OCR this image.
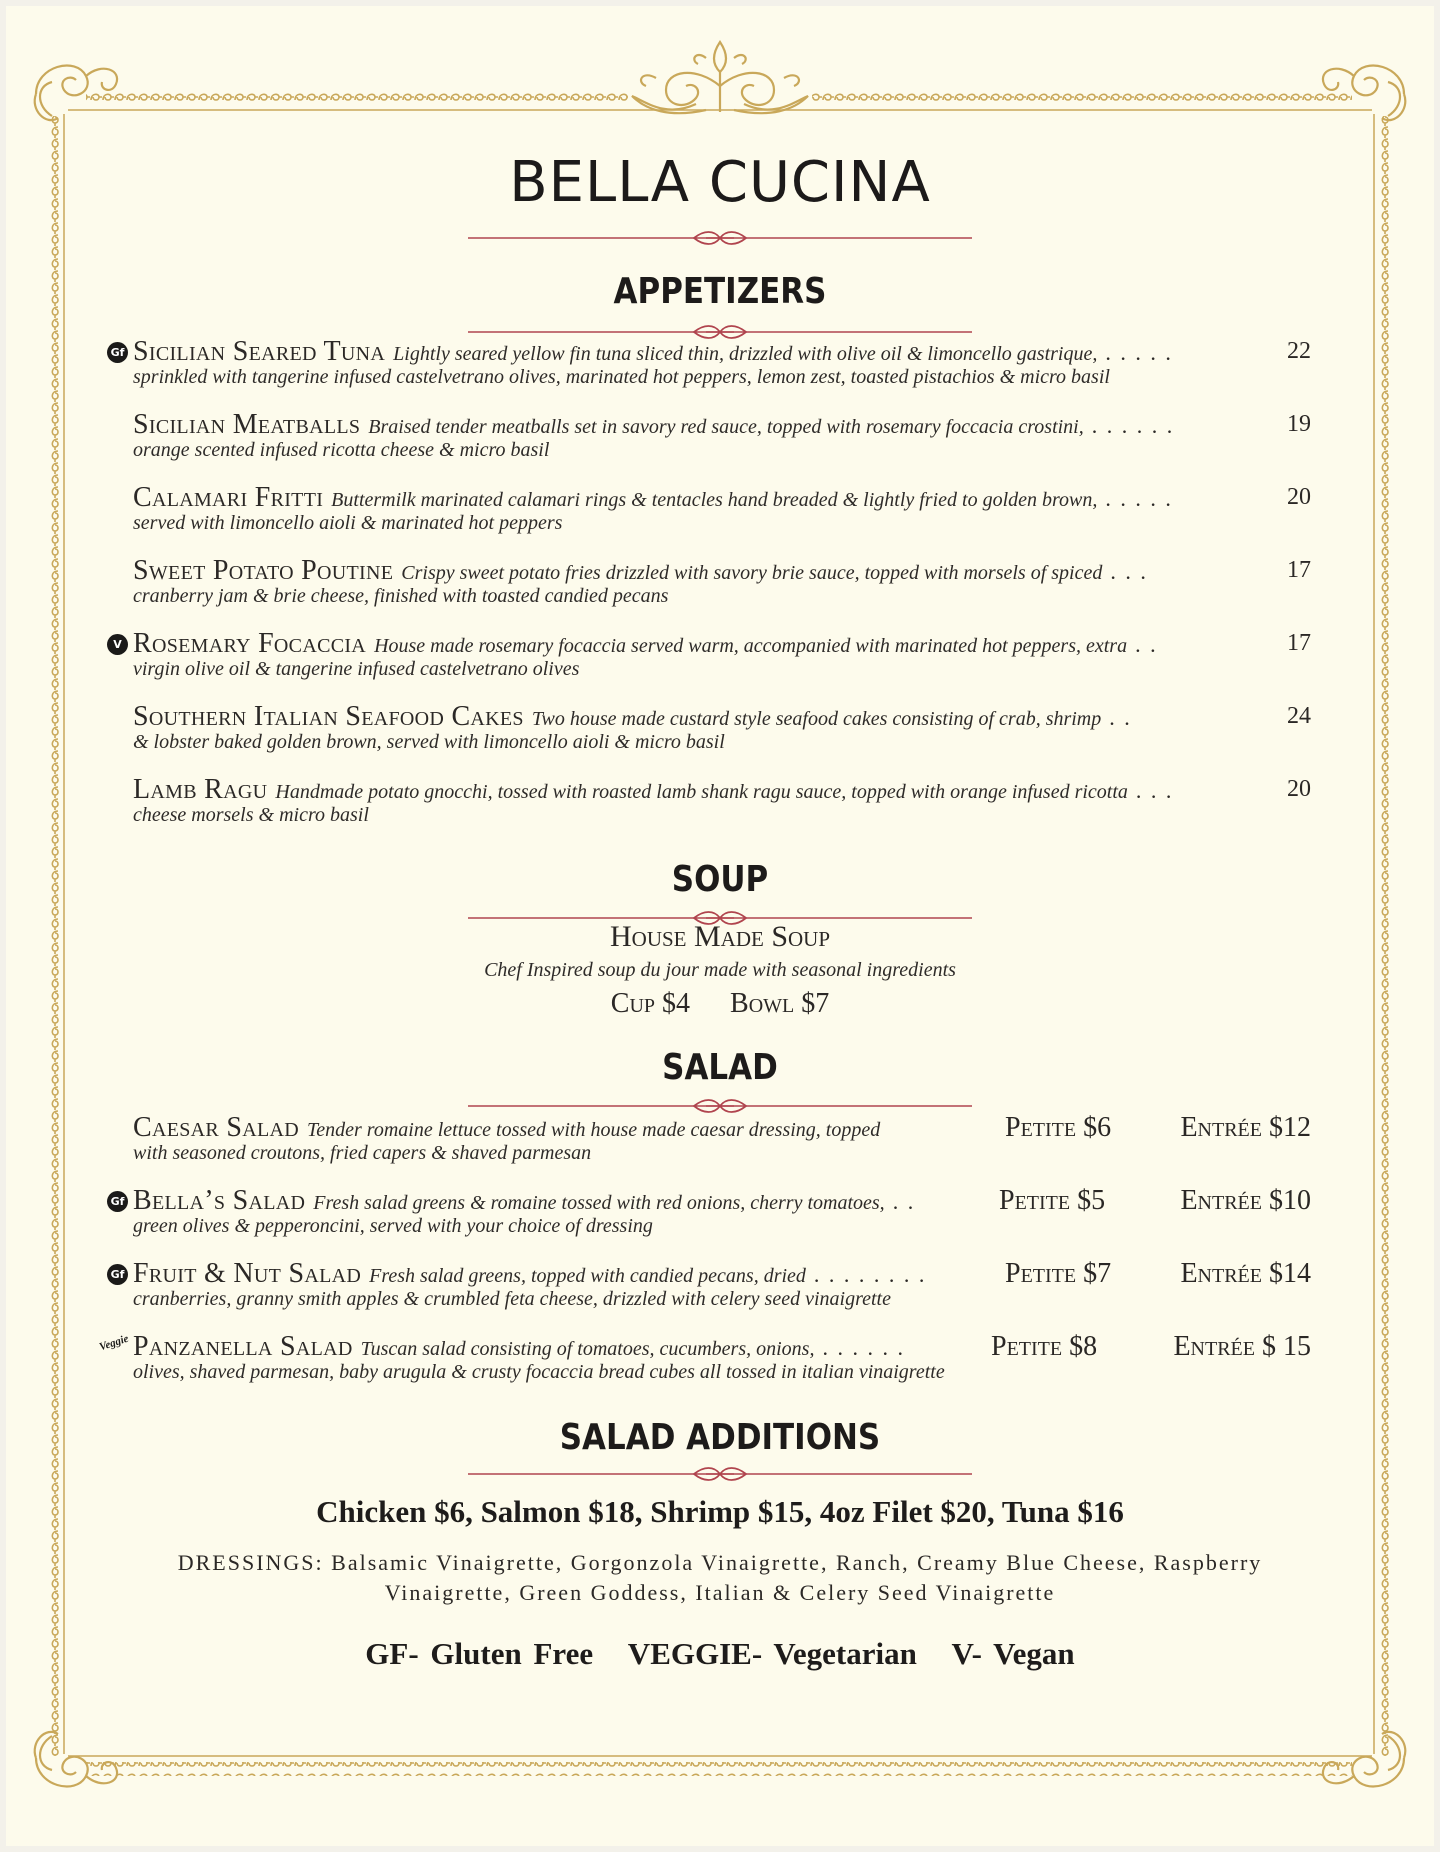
BELLA CUCINA
APPETIZERS
Gf Sicilian Seared Tuna Lightly seared yellow fin tuna sliced thin, drizzled with olive oil & limoncello gastrique, . . . . .	22
sprinkled with tangerine infused castelvetrano olives, marinated hot peppers, lemon zest, toasted pistachios & micro basil
Sicilian Meatballs Braised tender meatballs set in savory red sauce, topped with rosemary foccacia crostini, . . . . . .	19
orange scented infused ricotta cheese & micro basil
Calamari Fritti Buttermilk marinated calamari rings & tentacles hand breaded & lightly fried to golden brown, . . . . .	20
served with limoncello aioli & marinated hot peppers
Sweet Potato Poutine Crispy sweet potato fries drizzled with savory brie sauce, topped with morsels of spiced . . .	17
cranberry jam & brie cheese, finished with toasted candied pecans
V Rosemary Focaccia House made rosemary focaccia served warm, accompanied with marinated hot peppers, extra . .	17
virgin olive oil & tangerine infused castelvetrano olives
Southern Italian Seafood Cakes Two house made custard style seafood cakes consisting of crab, shrimp . .	24
& lobster baked golden brown, served with limoncello aioli & micro basil
Lamb Ragu Handmade potato gnocchi, tossed with roasted lamb shank ragu sauce, topped with orange infused ricotta . . .	20
cheese morsels & micro basil
SOUP
House Made Soup
Chef Inspired soup du jour made with seasonal ingredients
Cup $4 Bowl $7
SALAD
Caesar Salad Tender romaine lettuce tossed with house made caesar dressing, topped	Petite $6 Entrée $12
with seasoned croutons, fried capers & shaved parmesan
Gf Bella’s Salad Fresh salad greens & romaine tossed with red onions, cherry tomatoes, . .	Petite $5	Entrée $10
green olives & pepperoncini, served with your choice of dressing
Gf Fruit & Nut Salad Fresh salad greens, topped with candied pecans, dried . . . . . . . .	Petite $7 Entrée $14
cranberries, granny smith apples & crumbled feta cheese, drizzled with celery seed vinaigrette
Veggie Panzanella Salad Tuscan salad consisting of tomatoes, cucumbers, onions, . . . . . .	Petite $8	Entrée $ 15
olives, shaved parmesan, baby arugula & crusty focaccia bread cubes all tossed in italian vinaigrette
SALAD ADDITIONS
Chicken $6, Salmon $18, Shrimp $15, 4oz Filet $20, Tuna $16
DRESSINGS: Balsamic Vinaigrette, Gorgonzola Vinaigrette, Ranch, Creamy Blue Cheese, Raspberry
Vinaigrette, Green Goddess, Italian & Celery Seed Vinaigrette
GF- Gluten Free   VEGGIE- Vegetarian   V- Vegan
